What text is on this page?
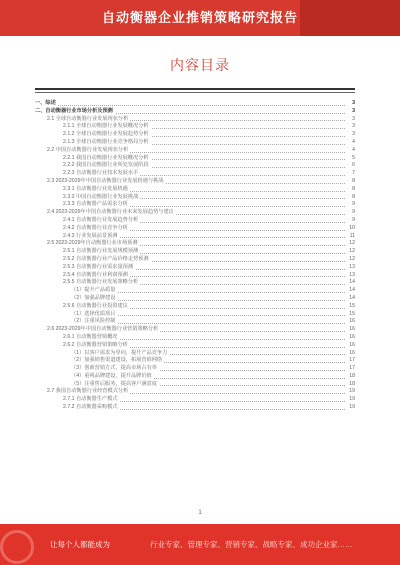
自动衡器企业推销策略研究报告
内容目录
一、综述	3
二、自动衡器行业市场分析及预测	3
2.1 全球自动衡器行业发展现状分析	3
2.1.1 全球自动衡器行业发展概况分析	3
2.1.2 全球自动衡器行业发展趋势分析	3
2.1.3 全球自动衡器行业竞争格局分析	4
2.2 中国自动衡器行业发展现状分析	4
2.2.1 我国自动衡器行业发展概况分析	5
2.2.2 我国自动衡器行业所处发展阶段	6
2.2.3 自动衡器行业技术发展水平	7
2.3 2023-2029年中国自动衡器行业发展机遇与挑战	8
2.3.1 自动衡器行业发展机遇	8
2.3.2 中国自动衡器行业发展挑战	8
2.3.3 自动衡器产品需求分析	9
2.4 2023-2029年中国自动衡器行业未来发展趋势与建议	9
2.4.1 自动衡器行业发展趋势分析	9
2.4.2 自动衡器行业竞争分析	10
2.4.3 行业发展前景预测	11
2.5 2023-2029年自动衡器行业市场预测	12
2.5.1 自动衡器行业发展规模预测	12
2.5.2 自动衡器行业产品价格走势预测	12
2.5.3 自动衡器行业需求量预测	13
2.5.4 自动衡器行业利润预测	13
2.5.5 自动衡器行业发展策略分析	14
（1）提升产品质量	14
（2）加强品牌建设	14
2.5.6 自动衡器行业投资建议	15
（1）选择优质项目	15
（2）注重风险控制	16
2.6 2023-2029年中国自动衡器行业营销策略分析	16
2.6.1 自动衡器营销概况	16
2.6.2 自动衡器营销策略分析	16
（1）以客户需求为导向，提升产品竞争力	16
（2）加强销售渠道建设，拓展营销网络	17
（3）创新营销方式，提高市场占有率	17
（4）重视品牌建设，提升品牌价值	18
（5）注重售后服务，提高客户满意度	18
2.7 我国自动衡器行业经营模式分析	19
2.7.1 自动衡器生产模式	19
2.7.2 自动衡器采购模式	19
1
让每个人都能成为	行业专家、管理专家、营销专家、战略专家、成功企业家……
